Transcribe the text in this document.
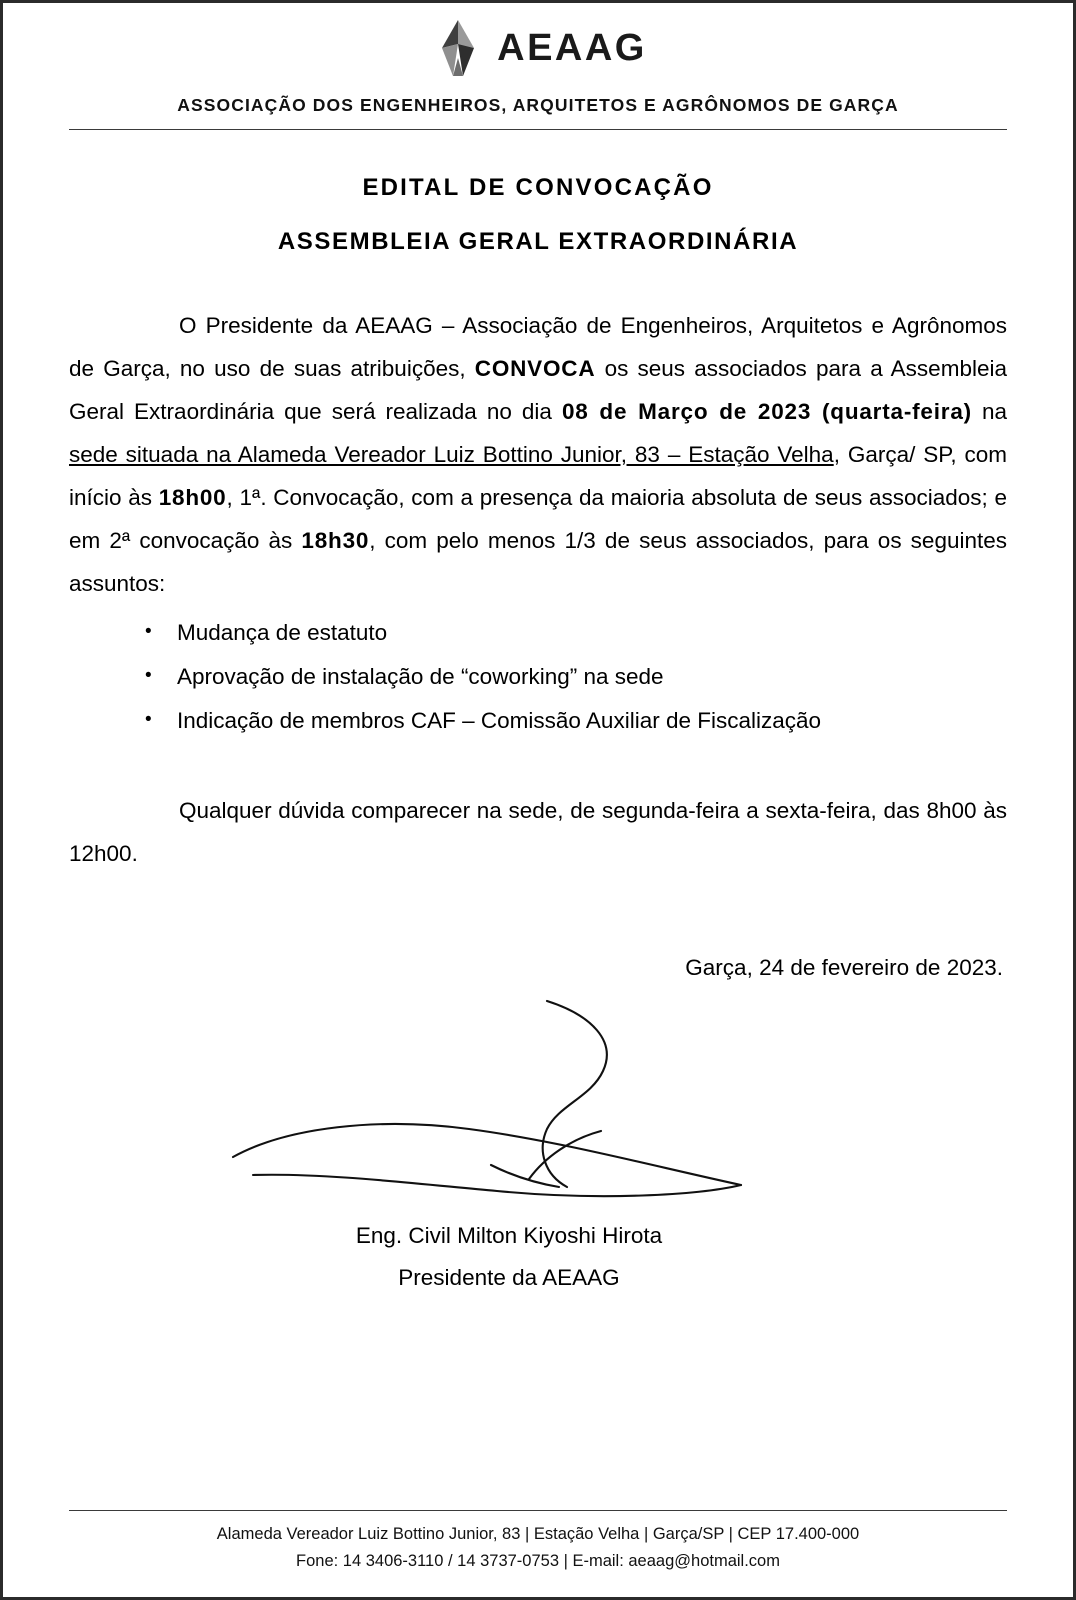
AEAAG
ASSOCIAÇÃO DOS ENGENHEIROS, ARQUITETOS E AGRÔNOMOS DE GARÇA
EDITAL DE CONVOCAÇÃO
ASSEMBLEIA GERAL EXTRAORDINÁRIA

O Presidente da AEAAG – Associação de Engenheiros, Arquitetos e Agrônomos de Garça, no uso de suas atribuições, CONVOCA os seus associados para a Assembleia Geral Extraordinária que será realizada no dia 08 de Março de 2023 (quarta-feira) na sede situada na Alameda Vereador Luiz Bottino Junior, 83 – Estação Velha, Garça/ SP, com início às 18h00, 1ª. Convocação, com a presença da maioria absoluta de seus associados; e em 2ª convocação às 18h30, com pelo menos 1/3 de seus associados, para os seguintes assuntos:

• Mudança de estatuto
• Aprovação de instalação de “coworking” na sede
• Indicação de membros CAF – Comissão Auxiliar de Fiscalização
Qualquer dúvida comparecer na sede, de segunda-feira a sexta-feira, das 8h00 às 12h00.
Garça, 24 de fevereiro de 2023.
Eng. Civil Milton Kiyoshi Hirota
Presidente da AEAAG
Alameda Vereador Luiz Bottino Junior, 83 | Estação Velha | Garça/SP | CEP 17.400-000
Fone: 14 3406-3110 / 14 3737-0753 | E-mail: aeaag@hotmail.com
